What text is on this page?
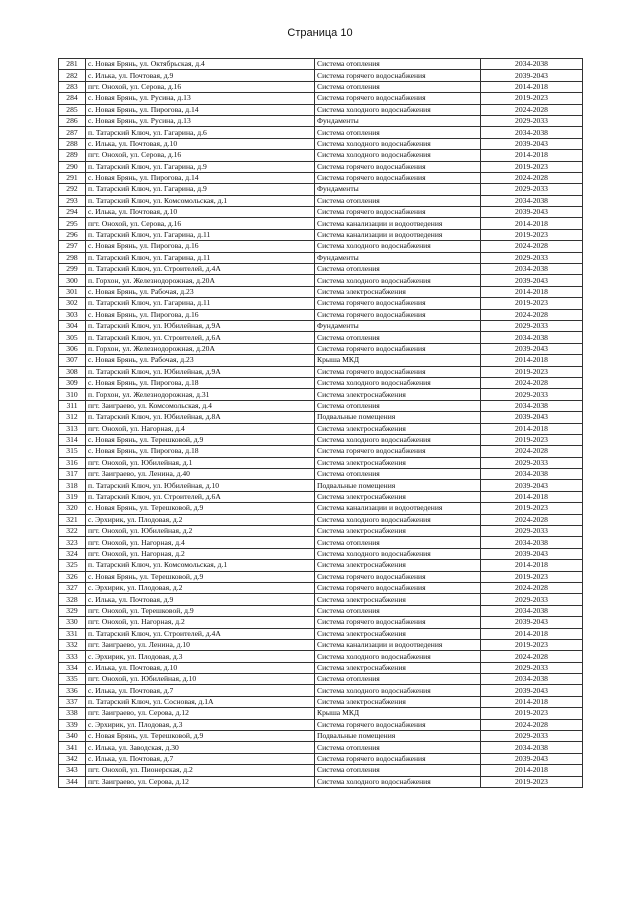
Страница 10
281	с. Новая Брянь, ул. Октябрьская, д.4	Система отопления	2034-2038
282	с. Илька, ул. Почтовая, д.9	Система горячего водоснабжения	2039-2043
283	пгт. Онохой, ул. Серова, д.16	Система отопления	2014-2018
284	с. Новая Брянь, ул. Русина, д.13	Система горячего водоснабжения	2019-2023
285	с. Новая Брянь, ул. Пирогова, д.14	Система холодного водоснабжения	2024-2028
286	с. Новая Брянь, ул. Русина, д.13	Фундаменты	2029-2033
287	п. Татарский Ключ, ул. Гагарина, д.6	Система отопления	2034-2038
288	с. Илька, ул. Почтовая, д.10	Система холодного водоснабжения	2039-2043
289	пгт. Онохой, ул. Серова, д.16	Система холодного водоснабжения	2014-2018
290	п. Татарский Ключ, ул. Гагарина, д.9	Система горячего водоснабжения	2019-2023
291	с. Новая Брянь, ул. Пирогова, д.14	Система горячего водоснабжения	2024-2028
292	п. Татарский Ключ, ул. Гагарина, д.9	Фундаменты	2029-2033
293	п. Татарский Ключ, ул. Комсомольская, д.1	Система отопления	2034-2038
294	с. Илька, ул. Почтовая, д.10	Система горячего водоснабжения	2039-2043
295	пгт. Онохой, ул. Серова, д.16	Система канализации и водоотведения	2014-2018
296	п. Татарский Ключ, ул. Гагарина, д.11	Система канализации и водоотведения	2019-2023
297	с. Новая Брянь, ул. Пирогова, д.16	Система холодного водоснабжения	2024-2028
298	п. Татарский Ключ, ул. Гагарина, д.11	Фундаменты	2029-2033
299	п. Татарский Ключ, ул. Строителей, д.4А	Система отопления	2034-2038
300	п. Горхон, ул. Железнодорожная, д.20А	Система холодного водоснабжения	2039-2043
301	с. Новая Брянь, ул. Рабочая, д.23	Система электроснабжения	2014-2018
302	п. Татарский Ключ, ул. Гагарина, д.11	Система горячего водоснабжения	2019-2023
303	с. Новая Брянь, ул. Пирогова, д.16	Система горячего водоснабжения	2024-2028
304	п. Татарский Ключ, ул. Юбилейная, д.9А	Фундаменты	2029-2033
305	п. Татарский Ключ, ул. Строителей, д.6А	Система отопления	2034-2038
306	п. Горхон, ул. Железнодорожная, д.20А	Система горячего водоснабжения	2039-2043
307	с. Новая Брянь, ул. Рабочая, д.23	Крыша МКД	2014-2018
308	п. Татарский Ключ, ул. Юбилейная, д.9А	Система горячего водоснабжения	2019-2023
309	с. Новая Брянь, ул. Пирогова, д.18	Система холодного водоснабжения	2024-2028
310	п. Горхон, ул. Железнодорожная, д.31	Система электроснабжения	2029-2033
311	пгт. Заиграево, ул. Комсомольская, д.4	Система отопления	2034-2038
312	п. Татарский Ключ, ул. Юбилейная, д.8А	Подвальные помещения	2039-2043
313	пгт. Онохой, ул. Нагорная, д.4	Система электроснабжения	2014-2018
314	с. Новая Брянь, ул. Терешковой, д.9	Система холодного водоснабжения	2019-2023
315	с. Новая Брянь, ул. Пирогова, д.18	Система горячего водоснабжения	2024-2028
316	пгт. Онохой, ул. Юбилейная, д.1	Система электроснабжения	2029-2033
317	пгт. Заиграево, ул. Ленина, д.40	Система отопления	2034-2038
318	п. Татарский Ключ, ул. Юбилейная, д.10	Подвальные помещения	2039-2043
319	п. Татарский Ключ, ул. Строителей, д.6А	Система электроснабжения	2014-2018
320	с. Новая Брянь, ул. Терешковой, д.9	Система канализации и водоотведения	2019-2023
321	с. Эрхирик, ул. Плодовая, д.2	Система холодного водоснабжения	2024-2028
322	пгт. Онохой, ул. Юбилейная, д.2	Система электроснабжения	2029-2033
323	пгт. Онохой, ул. Нагорная, д.4	Система отопления	2034-2038
324	пгт. Онохой, ул. Нагорная, д.2	Система холодного водоснабжения	2039-2043
325	п. Татарский Ключ, ул. Комсомольская, д.1	Система электроснабжения	2014-2018
326	с. Новая Брянь, ул. Терешковой, д.9	Система горячего водоснабжения	2019-2023
327	с. Эрхирик, ул. Плодовая, д.2	Система горячего водоснабжения	2024-2028
328	с. Илька, ул. Почтовая, д.9	Система электроснабжения	2029-2033
329	пгт. Онохой, ул. Терешковой, д.9	Система отопления	2034-2038
330	пгт. Онохой, ул. Нагорная, д.2	Система горячего водоснабжения	2039-2043
331	п. Татарский Ключ, ул. Строителей, д.4А	Система электроснабжения	2014-2018
332	пгт. Заиграево, ул. Ленина, д.10	Система канализации и водоотведения	2019-2023
333	с. Эрхирик, ул. Плодовая, д.3	Система холодного водоснабжения	2024-2028
334	с. Илька, ул. Почтовая, д.10	Система электроснабжения	2029-2033
335	пгт. Онохой, ул. Юбилейная, д.10	Система отопления	2034-2038
336	с. Илька, ул. Почтовая, д.7	Система холодного водоснабжения	2039-2043
337	п. Татарский Ключ, ул. Сосновая, д.1А	Система электроснабжения	2014-2018
338	пгт. Заиграево, ул. Серова, д.12	Крыша МКД	2019-2023
339	с. Эрхирик, ул. Плодовая, д.3	Система горячего водоснабжения	2024-2028
340	с. Новая Брянь, ул. Терешковой, д.9	Подвальные помещения	2029-2033
341	с. Илька, ул. Заводская, д.30	Система отопления	2034-2038
342	с. Илька, ул. Почтовая, д.7	Система горячего водоснабжения	2039-2043
343	пгт. Онохой, ул. Пионерская, д.2	Система отопления	2014-2018
344	пгт. Заиграево, ул. Серова, д.12	Система холодного водоснабжения	2019-2023
